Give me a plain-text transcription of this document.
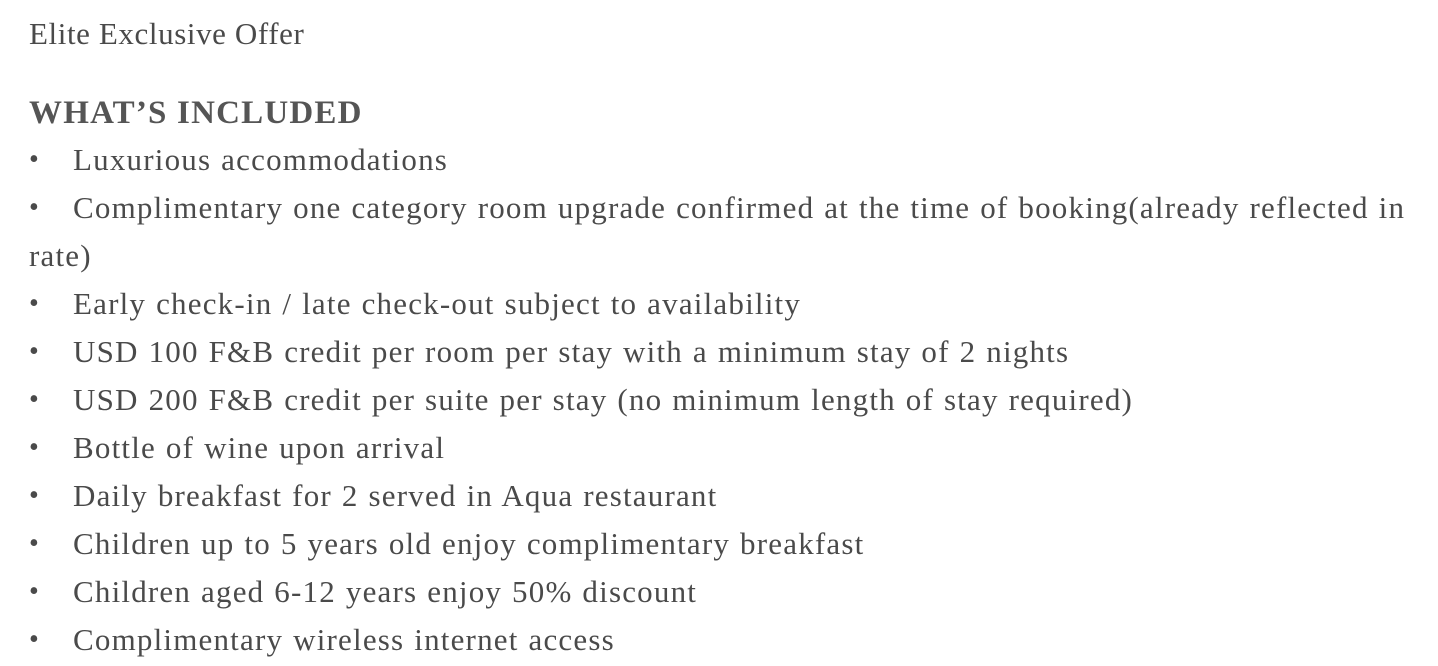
Elite Exclusive Offer
WHAT’S INCLUDED
• Luxurious accommodations
• Complimentary one category room upgrade confirmed at the time of booking(already reflected in rate)
• Early check-in / late check-out subject to availability
• USD 100 F&B credit per room per stay with a minimum stay of 2 nights
• USD 200 F&B credit per suite per stay (no minimum length of stay required)
• Bottle of wine upon arrival
• Daily breakfast for 2 served in Aqua restaurant
• Children up to 5 years old enjoy complimentary breakfast
• Children aged 6-12 years enjoy 50% discount
• Complimentary wireless internet access
